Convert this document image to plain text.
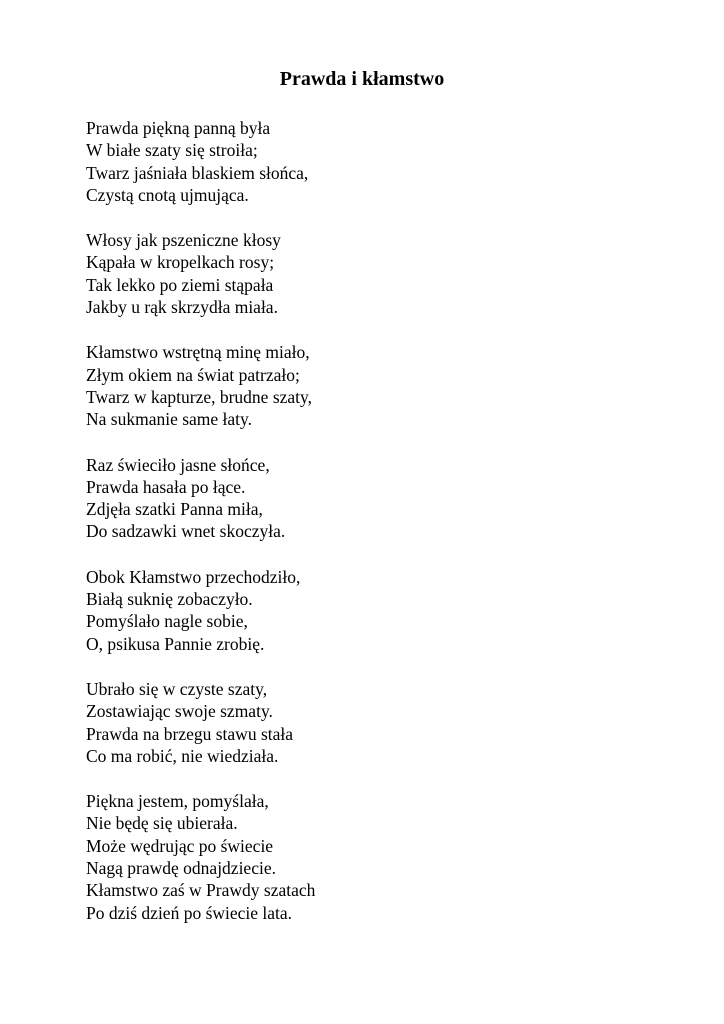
Prawda i kłamstwo
Prawda piękną panną była
W białe szaty się stroiła;
Twarz jaśniała blaskiem słońca,
Czystą cnotą ujmująca.
Włosy jak pszeniczne kłosy
Kąpała w kropelkach rosy;
Tak lekko po ziemi stąpała
Jakby u rąk skrzydła miała.
Kłamstwo wstrętną minę miało,
Złym okiem na świat patrzało;
Twarz w kapturze, brudne szaty,
Na sukmanie same łaty.
Raz świeciło jasne słońce,
Prawda hasała po łące.
Zdjęła szatki Panna miła,
Do sadzawki wnet skoczyła.
Obok Kłamstwo przechodziło,
Białą suknię zobaczyło.
Pomyślało nagle sobie,
O, psikusa Pannie zrobię.
Ubrało się w czyste szaty,
Zostawiając swoje szmaty.
Prawda na brzegu stawu stała
Co ma robić, nie wiedziała.
Piękna jestem, pomyślała,
Nie będę się ubierała.
Może wędrując po świecie
Nagą prawdę odnajdziecie.
Kłamstwo zaś w Prawdy szatach
Po dziś dzień po świecie lata.
